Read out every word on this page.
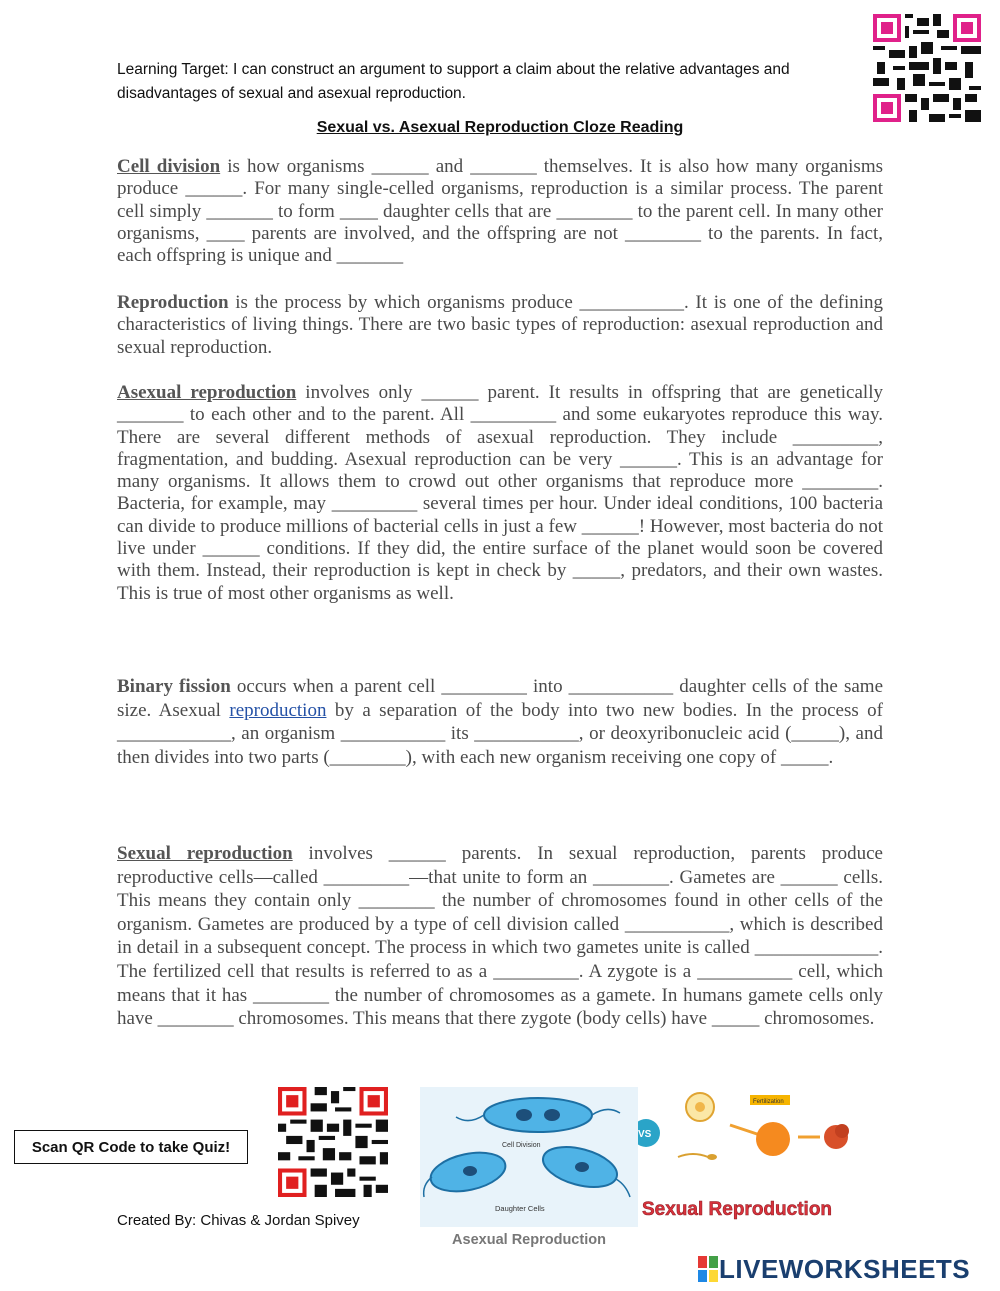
Learning Target: I can construct an argument to support a claim about the relative advantages and disadvantages of sexual and asexual reproduction.
Sexual vs. Asexual Reproduction Cloze Reading
Cell division is how organisms ______ and _______ themselves. It is also how many organisms produce ______. For many single-celled organisms, reproduction is a similar process. The parent cell simply _______ to form ____ daughter cells that are ________ to the parent cell. In many other organisms, ____ parents are involved, and the offspring are not ________ to the parents. In fact, each offspring is unique and _______
Reproduction is the process by which organisms produce ___________. It is one of the defining characteristics of living things. There are two basic types of reproduction: asexual reproduction and sexual reproduction.
Asexual reproduction involves only ______ parent. It results in offspring that are genetically _______ to each other and to the parent. All _________ and some eukaryotes reproduce this way. There are several different methods of asexual reproduction. They include _________, fragmentation, and budding. Asexual reproduction can be very ______. This is an advantage for many organisms. It allows them to crowd out other organisms that reproduce more ________. Bacteria, for example, may _________ several times per hour. Under ideal conditions, 100 bacteria can divide to produce millions of bacterial cells in just a few ______! However, most bacteria do not live under ______ conditions. If they did, the entire surface of the planet would soon be covered with them. Instead, their reproduction is kept in check by _____, predators, and their own wastes. This is true of most other organisms as well.
Binary fission occurs when a parent cell _________ into ___________ daughter cells of the same size. Asexual reproduction by a separation of the body into two new bodies. In the process of ____________, an organism ___________ its ___________, or deoxyribonucleic acid (_____), and then divides into two parts (________), with each new organism receiving one copy of _____.
Sexual reproduction involves ______ parents. In sexual reproduction, parents produce reproductive cells—called _________—that unite to form an ________. Gametes are ______ cells. This means they contain only ________ the number of chromosomes found in other cells of the organism. Gametes are produced by a type of cell division called ___________, which is described in detail in a subsequent concept. The process in which two gametes unite is called _____________. The fertilized cell that results is referred to as a _________. A zygote is a __________ cell, which means that it has ________ the number of chromosomes as a gamete. In humans gamete cells only have ________ chromosomes. This means that there zygote (body cells) have _____ chromosomes.
Scan QR Code to take Quiz!
Created By: Chivas & Jordan Spivey
Cell Division
Daughter Cells
Asexual Reproduction
VS
Fertilization
Sexual Reproduction
LIVEWORKSHEETS
